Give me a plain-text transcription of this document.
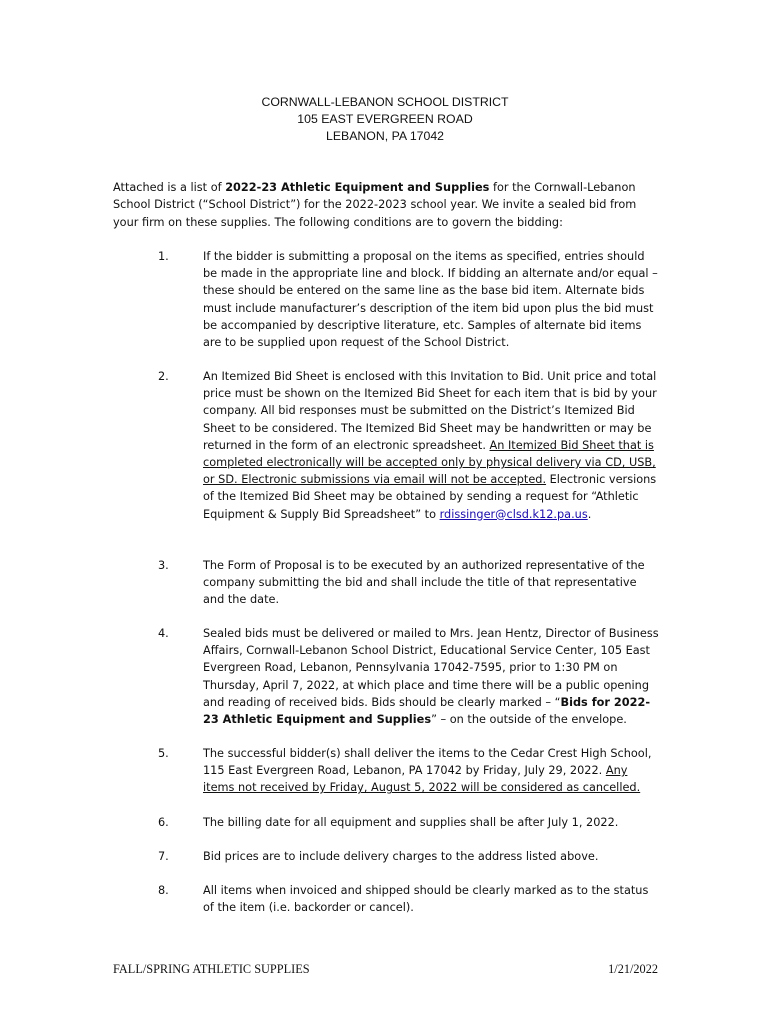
CORNWALL-LEBANON SCHOOL DISTRICT
105 EAST EVERGREEN ROAD
LEBANON, PA 17042
Attached is a list of 2022-23 Athletic Equipment and Supplies for the Cornwall-Lebanon School District (“School District”) for the 2022-2023 school year. We invite a sealed bid from your firm on these supplies. The following conditions are to govern the bidding:
1.	If the bidder is submitting a proposal on the items as specified, entries should be made in the appropriate line and block. If bidding an alternate and/or equal – these should be entered on the same line as the base bid item. Alternate bids must include manufacturer’s description of the item bid upon plus the bid must be accompanied by descriptive literature, etc. Samples of alternate bid items are to be supplied upon request of the School District.
2.	An Itemized Bid Sheet is enclosed with this Invitation to Bid. Unit price and total price must be shown on the Itemized Bid Sheet for each item that is bid by your company. All bid responses must be submitted on the District’s Itemized Bid Sheet to be considered. The Itemized Bid Sheet may be handwritten or may be returned in the form of an electronic spreadsheet. An Itemized Bid Sheet that is completed electronically will be accepted only by physical delivery via CD, USB, or SD. Electronic submissions via email will not be accepted. Electronic versions of the Itemized Bid Sheet may be obtained by sending a request for “Athletic Equipment & Supply Bid Spreadsheet” to rdissinger@clsd.k12.pa.us.
3.	The Form of Proposal is to be executed by an authorized representative of the company submitting the bid and shall include the title of that representative and the date.
4.	Sealed bids must be delivered or mailed to Mrs. Jean Hentz, Director of Business Affairs, Cornwall-Lebanon School District, Educational Service Center, 105 East Evergreen Road, Lebanon, Pennsylvania 17042-7595, prior to 1:30 PM on Thursday, April 7, 2022, at which place and time there will be a public opening and reading of received bids. Bids should be clearly marked – “Bids for 2022-23 Athletic Equipment and Supplies” – on the outside of the envelope.
5.	The successful bidder(s) shall deliver the items to the Cedar Crest High School, 115 East Evergreen Road, Lebanon, PA 17042 by Friday, July 29, 2022. Any items not received by Friday, August 5, 2022 will be considered as cancelled.
6.	The billing date for all equipment and supplies shall be after July 1, 2022.
7.	Bid prices are to include delivery charges to the address listed above.
8.	All items when invoiced and shipped should be clearly marked as to the status of the item (i.e. backorder or cancel).
FALL/SPRING ATHLETIC SUPPLIES	1/21/2022
